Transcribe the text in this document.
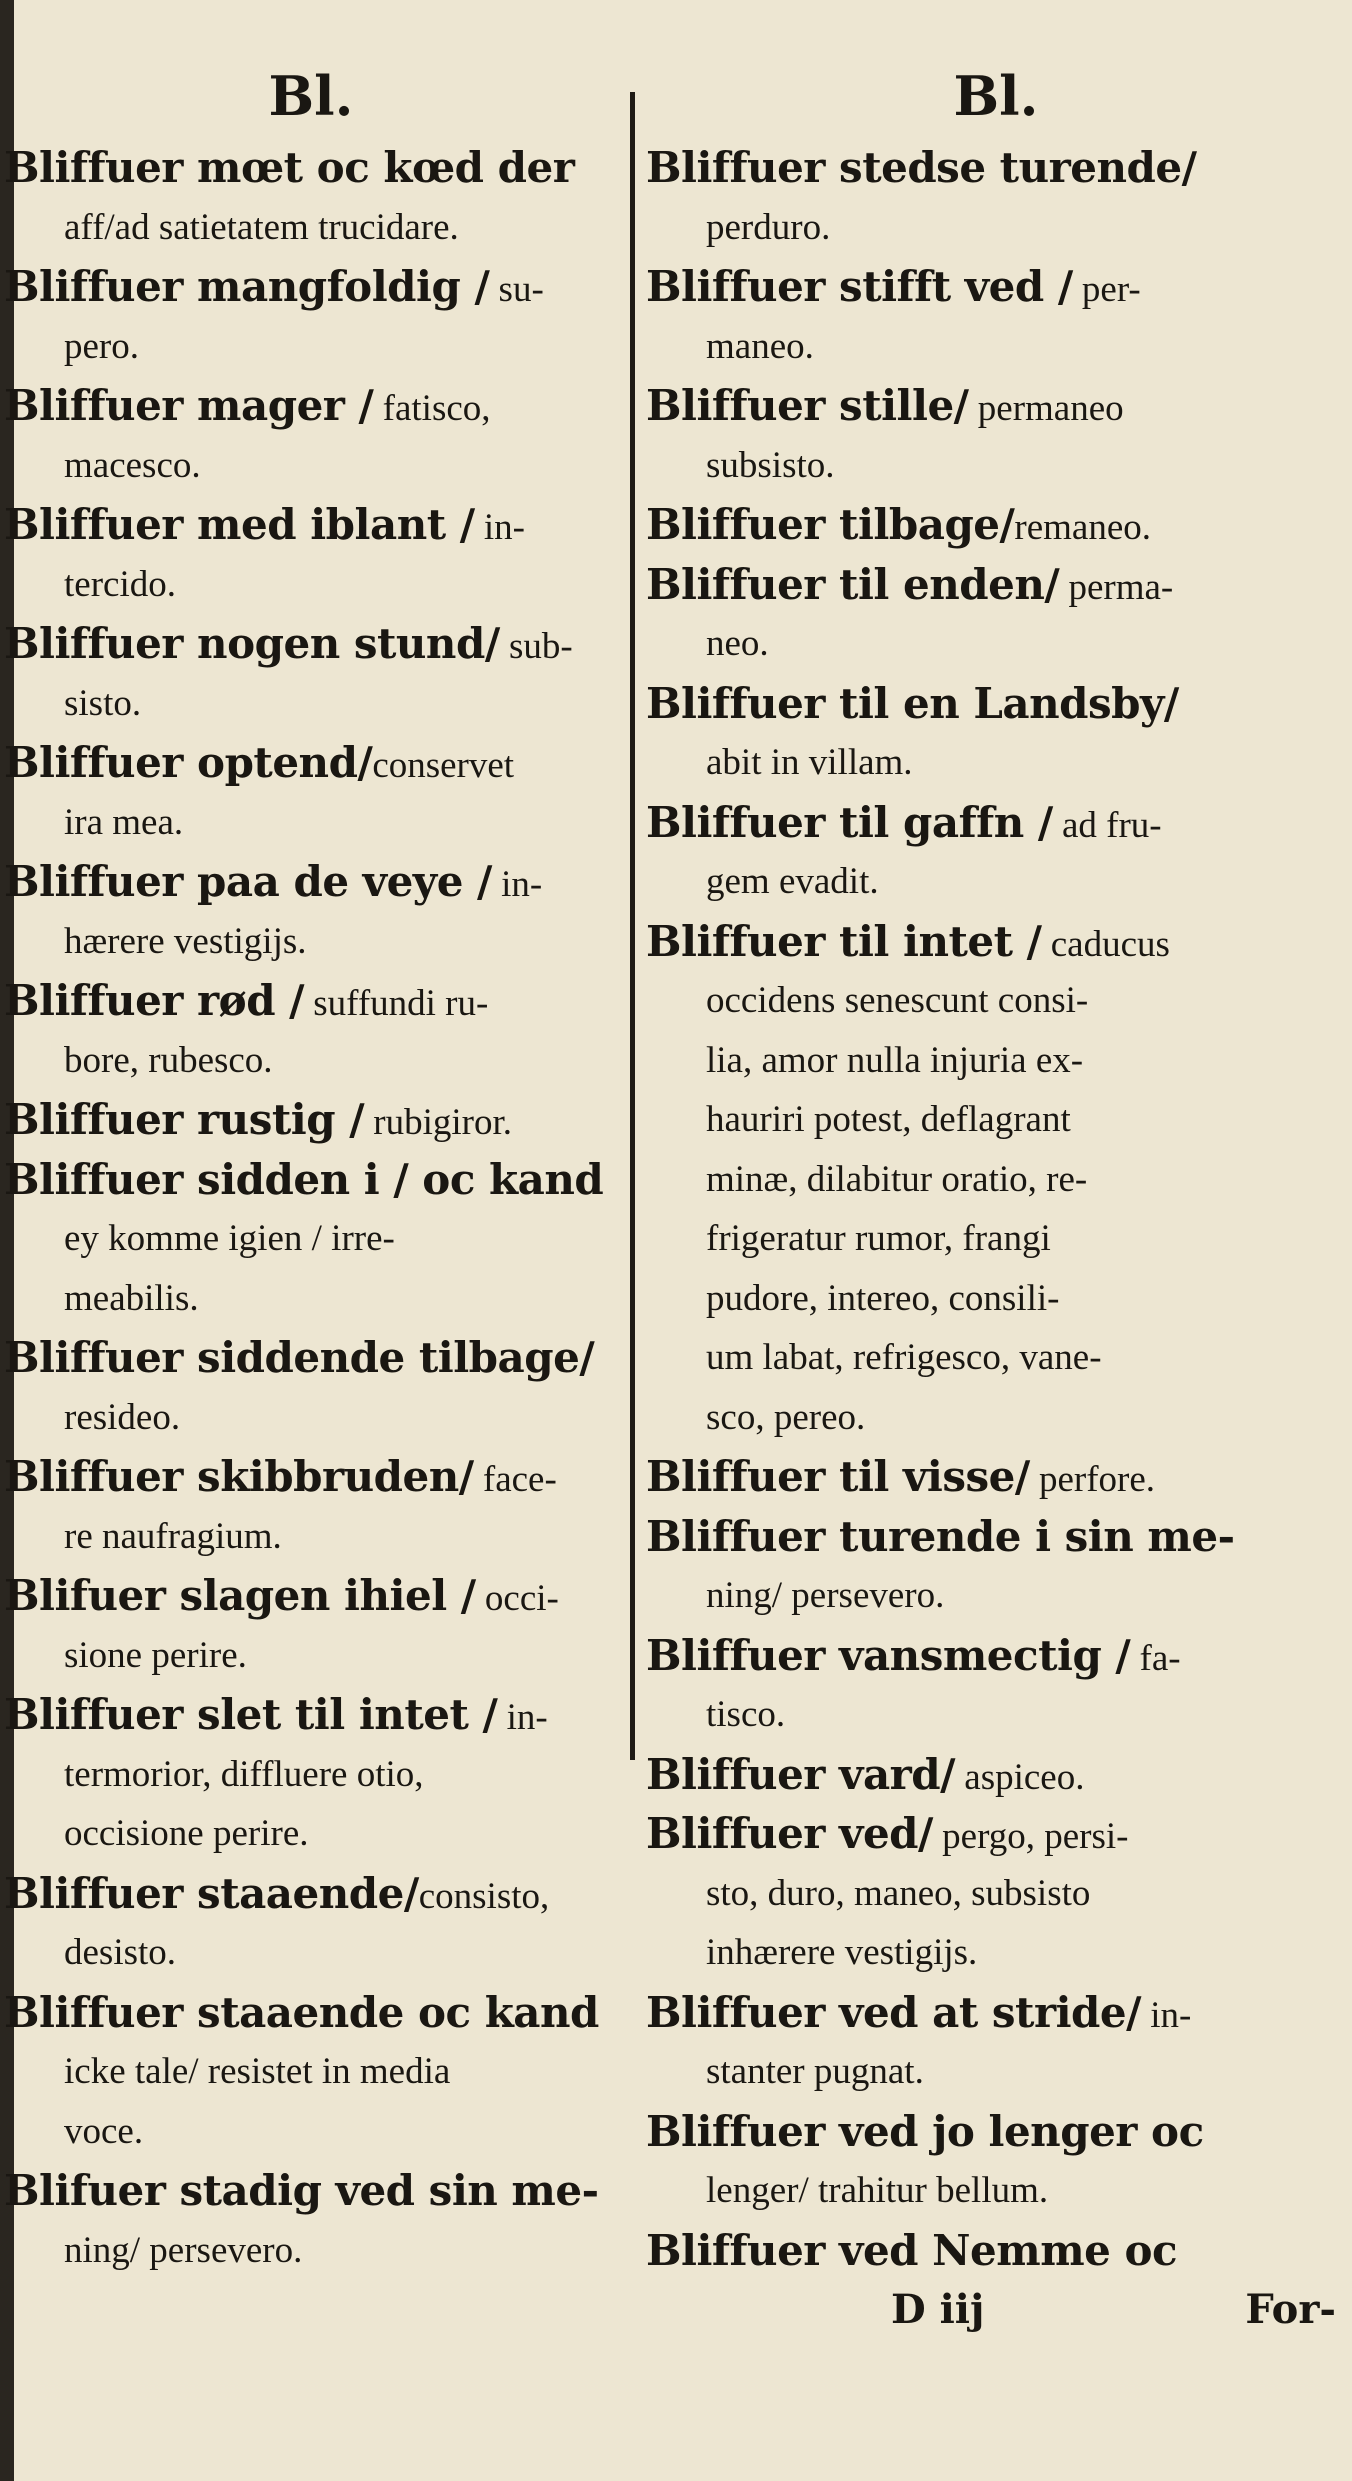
Bl.
Bliffuer mœt oc kœd der
aff/ad satietatem trucidare.
Bliffuer mangfoldig / su-
pero.
Bliffuer mager / fatisco,
macesco.
Bliffuer med iblant / in-
tercido.
Bliffuer nogen stund/ sub-
sisto.
Bliffuer optend/conservet
ira mea.
Bliffuer paa de veye / in-
hærere vestigijs.
Bliffuer rød / suffundi ru-
bore, rubesco.
Bliffuer rustig / rubigiror.
Bliffuer sidden i / oc kand
ey komme igien / irre-
meabilis.
Bliffuer siddende tilbage/
resideo.
Bliffuer skibbruden/ face-
re naufragium.
Blifuer slagen ihiel / occi-
sione perire.
Bliffuer slet til intet / in-
termorior, diffluere otio,
occisione perire.
Bliffuer staaende/consisto,
desisto.
Bliffuer staaende oc kand
icke tale/ resistet in media
voce.
Blifuer stadig ved sin me-
ning/ persevero.
Bl.
Bliffuer stedse turende/
perduro.
Bliffuer stifft ved / per-
maneo.
Bliffuer stille/ permaneo
subsisto.
Bliffuer tilbage/remaneo.
Bliffuer til enden/ perma-
neo.
Bliffuer til en Landsby/
abit in villam.
Bliffuer til gaffn / ad fru-
gem evadit.
Bliffuer til intet / caducus
occidens senescunt consi-
lia, amor nulla injuria ex-
hauriri potest, deflagrant
minæ, dilabitur oratio, re-
frigeratur rumor, frangi
pudore, intereo, consili-
um labat, refrigesco, vane-
sco, pereo.
Bliffuer til visse/ perfore.
Bliffuer turende i sin me-
ning/ persevero.
Bliffuer vansmectig / fa-
tisco.
Bliffuer vard/ aspiceo.
Bliffuer ved/ pergo, persi-
sto, duro, maneo, subsisto
inhærere vestigijs.
Bliffuer ved at stride/ in-
stanter pugnat.
Bliffuer ved jo lenger oc
lenger/ trahitur bellum.
Bliffuer ved Nemme oc
D iij	For-
